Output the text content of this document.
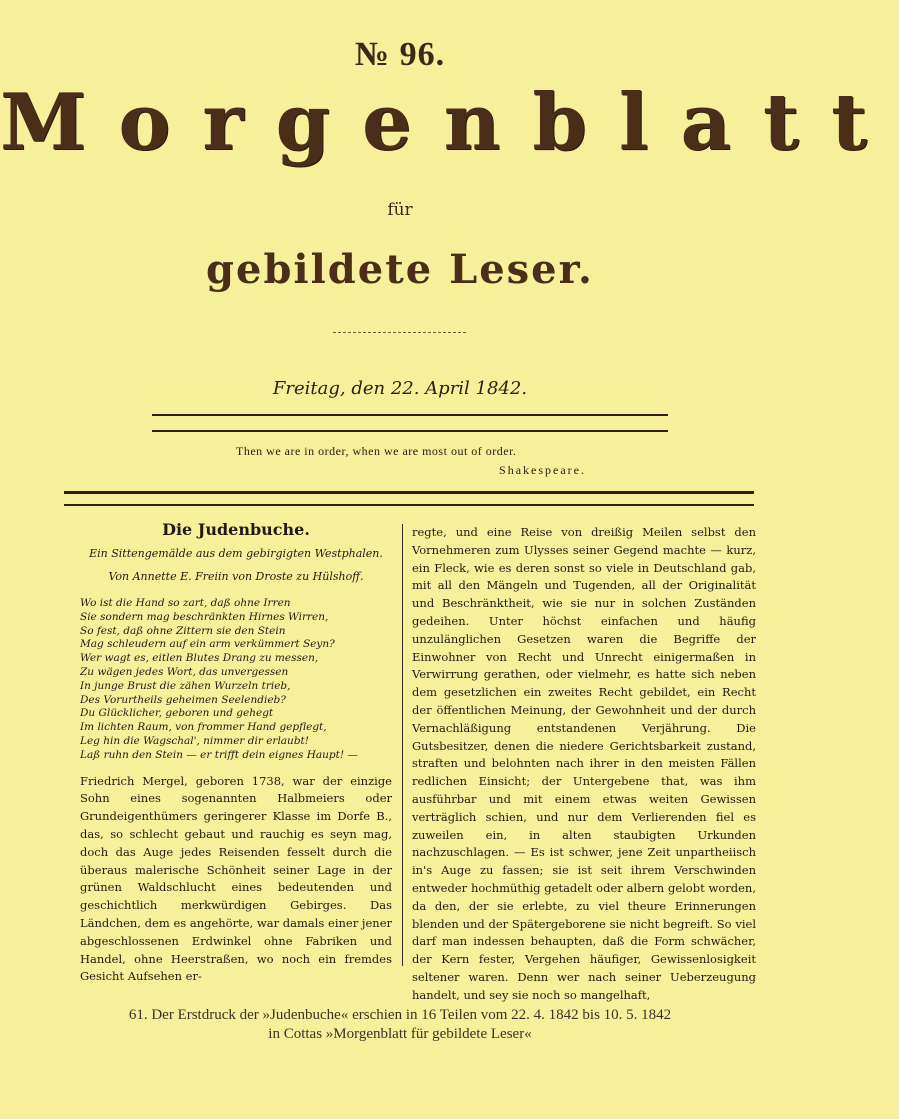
№ 96.
Morgenblatt
für
gebildete Leser.
Freitag, den 22. April 1842.
Then we are in order, when we are most out of order.
Shakespeare.
Die Judenbuche.
Ein Sittengemälde aus dem gebirgigten Westphalen.
Von Annette E. Freiin von Droste zu Hülshoff.
Wo ist die Hand so zart, daß ohne Irren
Sie sondern mag beschränkten Hirnes Wirren,
So fest, daß ohne Zittern sie den Stein
Mag schleudern auf ein arm verkümmert Seyn?
Wer wagt es, eitlen Blutes Drang zu messen,
Zu wägen jedes Wort, das unvergessen
In junge Brust die zähen Wurzeln trieb,
Des Vorurtheils geheimen Seelendieb?
Du Glücklicher, geboren und gehegt
Im lichten Raum, von frommer Hand gepflegt,
Leg hin die Wagschal', nimmer dir erlaubt!
Laß ruhn den Stein — er trifft dein eignes Haupt! —

Friedrich Mergel, geboren 1738, war der einzige Sohn eines sogenannten Halbmeiers oder Grundeigenthümers geringerer Klasse im Dorfe B., das, so schlecht gebaut und rauchig es seyn mag, doch das Auge jedes Reisenden fesselt durch die überaus malerische Schönheit seiner Lage in der grünen Waldschlucht eines bedeutenden und geschichtlich merkwürdigen Gebirges. Das Ländchen, dem es angehörte, war damals einer jener abgeschlossenen Erdwinkel ohne Fabriken und Handel, ohne Heerstraßen, wo noch ein fremdes Gesicht Aufsehen er-

regte, und eine Reise von dreißig Meilen selbst den Vornehmeren zum Ulysses seiner Gegend machte — kurz, ein Fleck, wie es deren sonst so viele in Deutschland gab, mit all den Mängeln und Tugenden, all der Originalität und Beschränktheit, wie sie nur in solchen Zuständen gedeihen. Unter höchst einfachen und häufig unzulänglichen Gesetzen waren die Begriffe der Einwohner von Recht und Unrecht einigermaßen in Verwirrung gerathen, oder vielmehr, es hatte sich neben dem gesetzlichen ein zweites Recht gebildet, ein Recht der öffentlichen Meinung, der Gewohnheit und der durch Vernachläßigung entstandenen Verjährung. Die Gutsbesitzer, denen die niedere Gerichtsbarkeit zustand, straften und belohnten nach ihrer in den meisten Fällen redlichen Einsicht; der Untergebene that, was ihm ausführbar und mit einem etwas weiten Gewissen verträglich schien, und nur dem Verlierenden fiel es zuweilen ein, in alten staubigten Urkunden nachzuschlagen. — Es ist schwer, jene Zeit unpartheiisch in's Auge zu fassen; sie ist seit ihrem Verschwinden entweder hochmüthig getadelt oder albern gelobt worden, da den, der sie erlebte, zu viel theure Erinnerungen blenden und der Spätergeborene sie nicht begreift. So viel darf man indessen behaupten, daß die Form schwächer, der Kern fester, Vergehen häufiger, Gewissenlosigkeit seltener waren. Denn wer nach seiner Ueberzeugung handelt, und sey sie noch so mangelhaft,

61. Der Erstdruck der »Judenbuche« erschien in 16 Teilen vom 22. 4. 1842 bis 10. 5. 1842
in Cottas »Morgenblatt für gebildete Leser«
